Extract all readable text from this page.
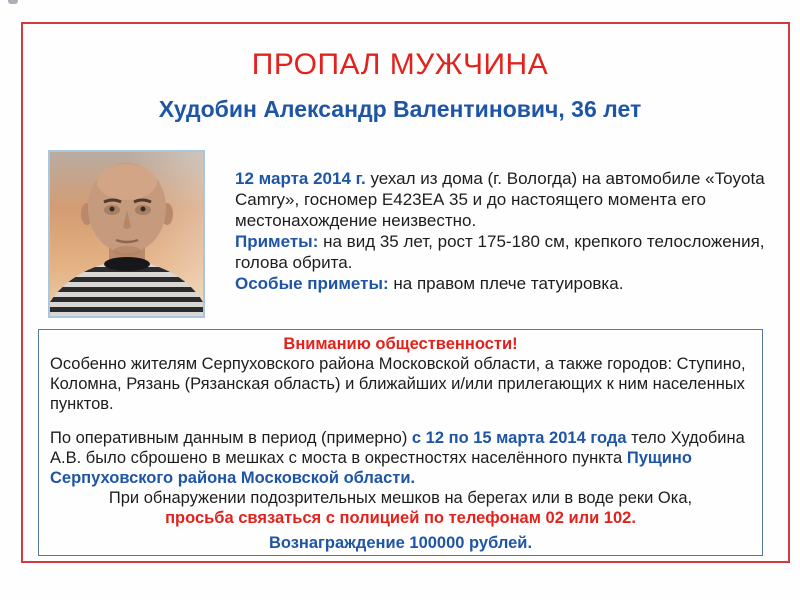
ПРОПАЛ МУЖЧИНА
Худобин Александр Валентинович, 36 лет

12 марта 2014 г. уехал из дома (г. Вологда) на автомобиле «Toyota Camry», госномер Е423ЕА 35 и до настоящего момента его местонахождение неизвестно.

Приметы: на вид 35 лет, рост 175-180 см, крепкого телосложения, голова обрита.

Особые приметы: на правом плече татуировка.

Вниманию общественности!

Особенно жителям Серпуховского района Московской области, а также городов: Ступино, Коломна, Рязань (Рязанская область) и ближайших и/или прилегающих к ним населенных пунктов.

По оперативным данным в период (примерно) с 12 по 15 марта 2014 года тело Худобина А.В. было сброшено в мешках с моста в окрестностях населённого пункта Пущино Серпуховского района Московской области.

При обнаружении подозрительных мешков на берегах или в воде реки Ока,

просьба связаться с полицией по телефонам 02 или 102.

Вознаграждение 100000 рублей.
